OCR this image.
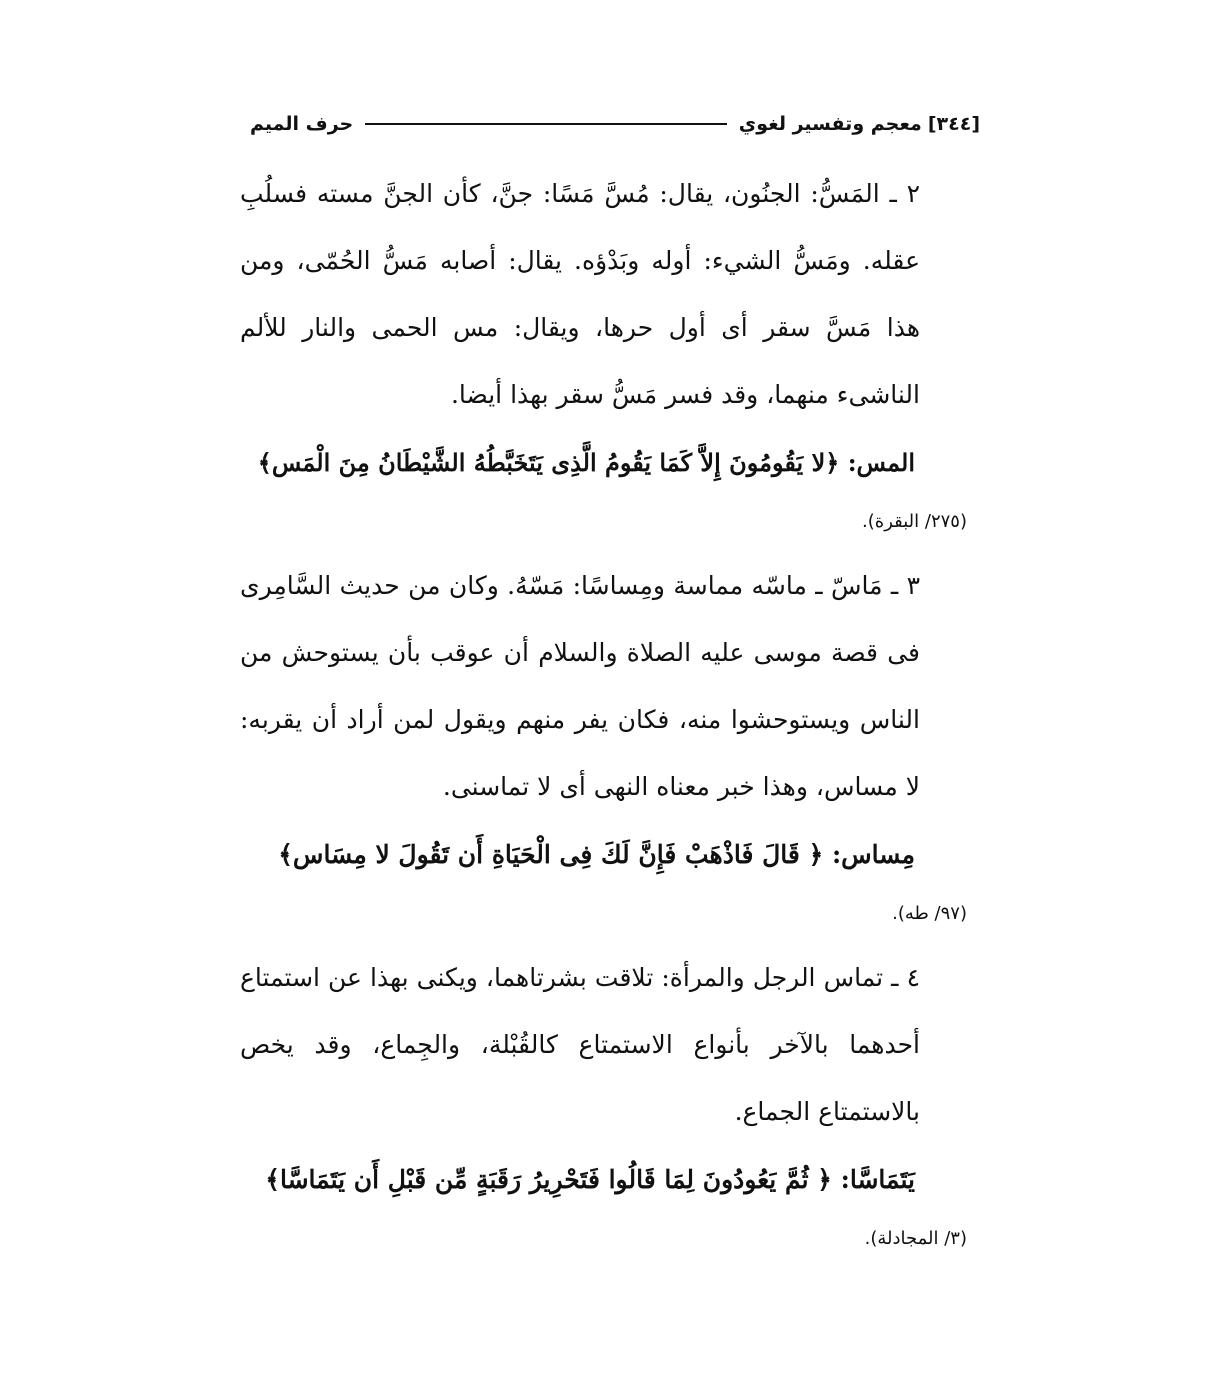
[٣٤٤]
معجم وتفسير لغوي
حرف الميم

٢ ـ المَسُّ: الجنُون، يقال: مُسَّ مَسًا: جنَّ، كأن الجنَّ مسته فسلُبِ عقله. ومَسُّ الشيء: أوله وبَدْؤه. يقال: أصابه مَسُّ الحُمّى، ومن هذا مَسَّ سقر أى أول حرها، ويقال: مس الحمى والنار للألم الناشىء منهما، وقد فسر مَسُّ سقر بهذا أيضا.

المس: ﴿لا يَقُومُونَ إِلاَّ كَمَا يَقُومُ الَّذِى يَتَخَبَّطُهُ الشَّيْطَانُ مِنَ الْمَس﴾

(٢٧٥/ البقرة).

٣ ـ مَاسّ ـ ماسّه مماسة ومِساسًا: مَسّهُ. وكان من حديث السَّامِرى فى قصة موسى عليه الصلاة والسلام أن عوقب بأن يستوحش من الناس ويستوحشوا منه، فكان يفر منهم ويقول لمن أراد أن يقربه: لا مساس، وهذا خبر معناه النهى أى لا تماسنى.

مِساس: ﴿ قَالَ فَاذْهَبْ فَإِنَّ لَكَ فِى الْحَيَاةِ أَن تَقُولَ لا مِسَاس﴾

(٩٧/ طه).

٤ ـ تماس الرجل والمرأة: تلاقت بشرتاهما، ويكنى بهذا عن استمتاع أحدهما بالآخر بأنواع الاستمتاع كالقُبْلة، والجِماع، وقد يخص بالاستمتاع الجماع.

يَتَمَاسَّا: ﴿ ثُمَّ يَعُودُونَ لِمَا قَالُوا فَتَحْرِيرُ رَقَبَةٍ مِّن قَبْلِ أَن يَتَمَاسَّا﴾

(٣/ المجادلة).
